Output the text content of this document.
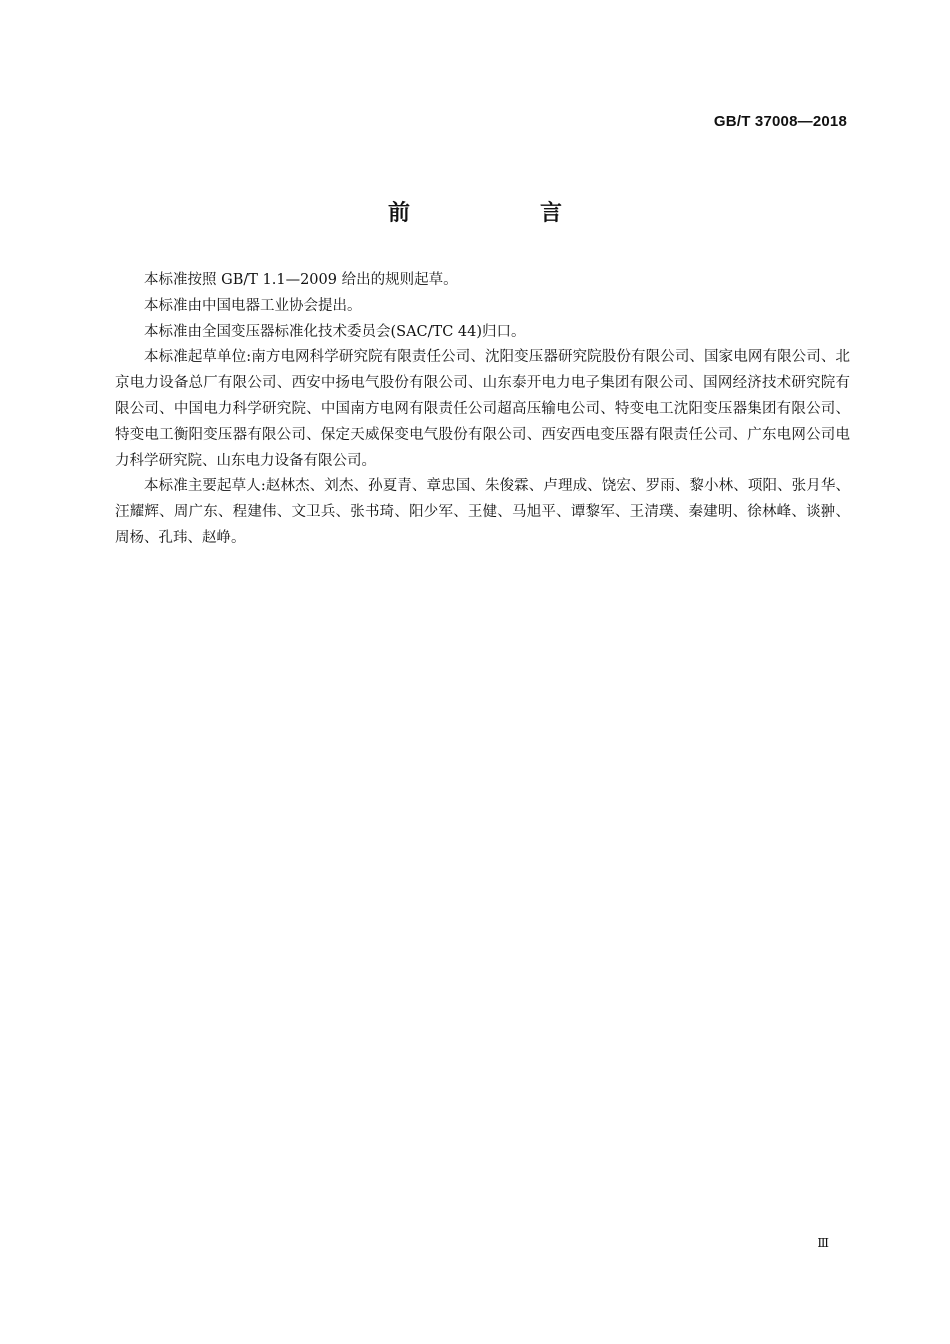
GB/T 37008—2018
前　言

本标准按照 GB/T 1.1—2009 给出的规则起草。

本标准由中国电器工业协会提出。

本标准由全国变压器标准化技术委员会(SAC/TC 44)归口。

本标准起草单位:南方电网科学研究院有限责任公司、沈阳变压器研究院股份有限公司、国家电网有限公司、北京电力设备总厂有限公司、西安中扬电气股份有限公司、山东泰开电力电子集团有限公司、国网经济技术研究院有限公司、中国电力科学研究院、中国南方电网有限责任公司超高压输电公司、特变电工沈阳变压器集团有限公司、特变电工衡阳变压器有限公司、保定天威保变电气股份有限公司、西安西电变压器有限责任公司、广东电网公司电力科学研究院、山东电力设备有限公司。

本标准主要起草人:赵林杰、刘杰、孙夏青、章忠国、朱俊霖、卢理成、饶宏、罗雨、黎小林、项阳、张月华、汪耀辉、周广东、程建伟、文卫兵、张书琦、阳少军、王健、马旭平、谭黎军、王清璞、秦建明、徐林峰、谈翀、周杨、孔玮、赵峥。

Ⅲ
